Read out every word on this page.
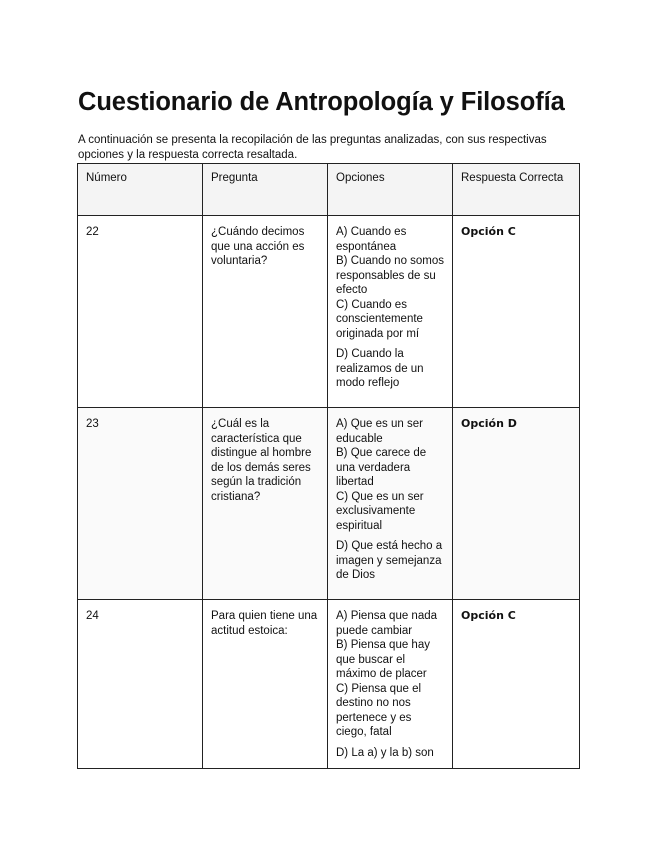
Cuestionario de Antropología y Filosofía

A continuación se presenta la recopilación de las preguntas analizadas, con sus respectivas opciones y la respuesta correcta resaltada.

Número	Pregunta	Opciones	Respuesta Correcta
22	¿Cuándo decimos que una acción es voluntaria?	A) Cuando es espontánea
B) Cuando no somos responsables de su efecto
C) Cuando es conscientemente originada por mí
D) Cuando la realizamos de un modo reflejo	Opción C
23	¿Cuál es la característica que distingue al hombre de los demás seres según la tradición cristiana?	A) Que es un ser educable
B) Que carece de una verdadera libertad
C) Que es un ser exclusivamente espiritual
D) Que está hecho a imagen y semejanza de Dios	Opción D
24	Para quien tiene una actitud estoica:	A) Piensa que nada puede cambiar
B) Piensa que hay que buscar el máximo de placer
C) Piensa que el destino no nos pertenece y es ciego, fatal
D) La a) y la b) son	Opción C
